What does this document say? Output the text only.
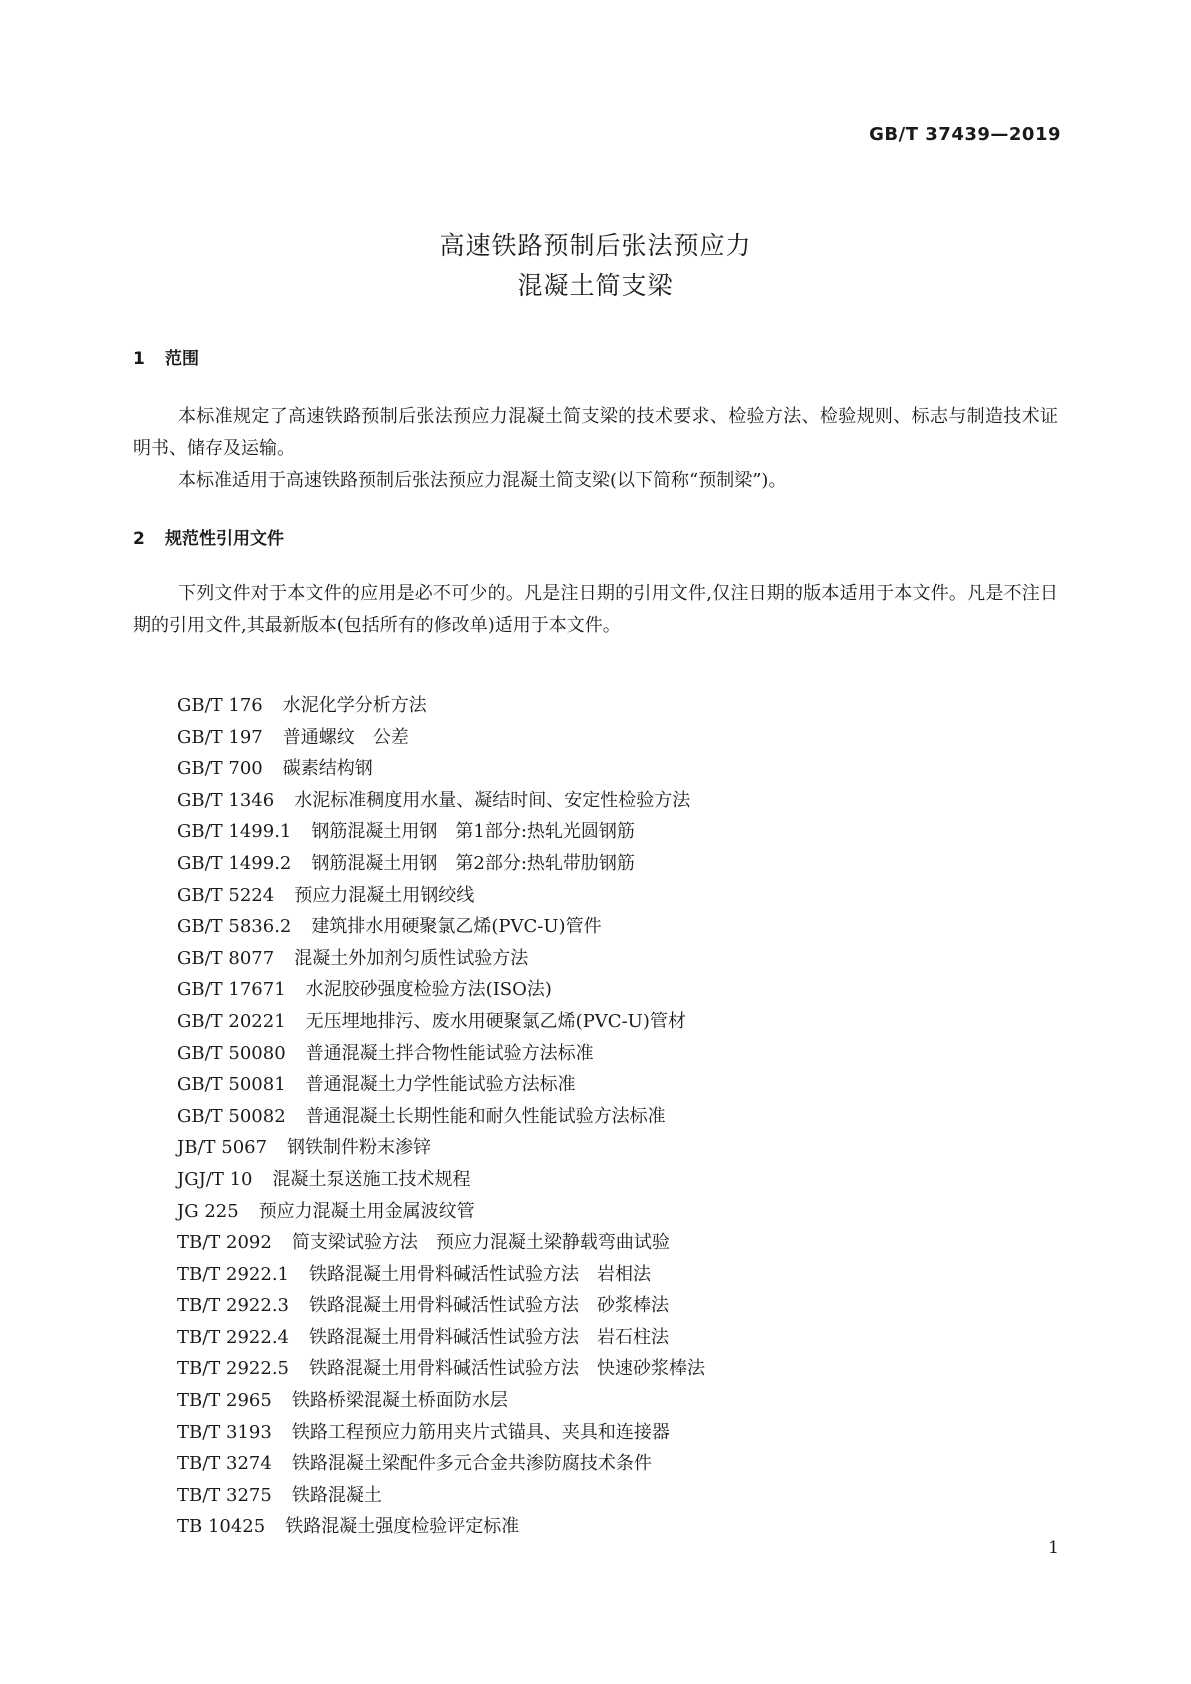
GB/T 37439—2019
高速铁路预制后张法预应力
混凝土简支梁
1 范围

本标准规定了高速铁路预制后张法预应力混凝土简支梁的技术要求、检验方法、检验规则、标志与制造技术证明书、储存及运输。

本标准适用于高速铁路预制后张法预应力混凝土简支梁(以下简称“预制梁”)。

2 规范性引用文件

下列文件对于本文件的应用是必不可少的。凡是注日期的引用文件,仅注日期的版本适用于本文件。凡是不注日期的引用文件,其最新版本(包括所有的修改单)适用于本文件。

GB/T 176 水泥化学分析方法
GB/T 197 普通螺纹　公差
GB/T 700 碳素结构钢
GB/T 1346 水泥标准稠度用水量、凝结时间、安定性检验方法
GB/T 1499.1 钢筋混凝土用钢　第1部分:热轧光圆钢筋
GB/T 1499.2 钢筋混凝土用钢　第2部分:热轧带肋钢筋
GB/T 5224 预应力混凝土用钢绞线
GB/T 5836.2 建筑排水用硬聚氯乙烯(PVC-U)管件
GB/T 8077 混凝土外加剂匀质性试验方法
GB/T 17671 水泥胶砂强度检验方法(ISO法)
GB/T 20221 无压埋地排污、废水用硬聚氯乙烯(PVC-U)管材
GB/T 50080 普通混凝土拌合物性能试验方法标准
GB/T 50081 普通混凝土力学性能试验方法标准
GB/T 50082 普通混凝土长期性能和耐久性能试验方法标准
JB/T 5067 钢铁制件粉末渗锌
JGJ/T 10 混凝土泵送施工技术规程
JG 225 预应力混凝土用金属波纹管
TB/T 2092 简支梁试验方法　预应力混凝土梁静载弯曲试验
TB/T 2922.1 铁路混凝土用骨料碱活性试验方法　岩相法
TB/T 2922.3 铁路混凝土用骨料碱活性试验方法　砂浆棒法
TB/T 2922.4 铁路混凝土用骨料碱活性试验方法　岩石柱法
TB/T 2922.5 铁路混凝土用骨料碱活性试验方法　快速砂浆棒法
TB/T 2965 铁路桥梁混凝土桥面防水层
TB/T 3193 铁路工程预应力筋用夹片式锚具、夹具和连接器
TB/T 3274 铁路混凝土梁配件多元合金共渗防腐技术条件
TB/T 3275 铁路混凝土
TB 10425 铁路混凝土强度检验评定标准
1
